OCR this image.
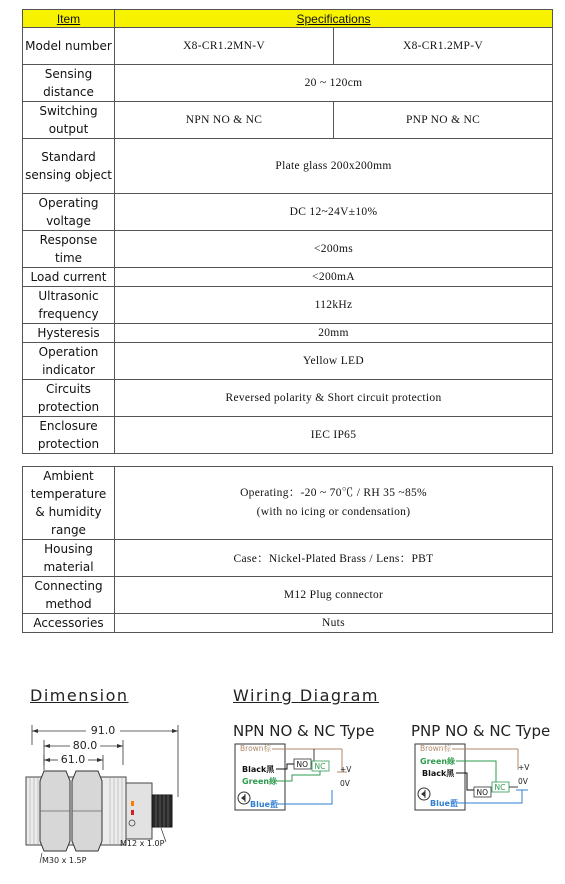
Item	Specifications	
Model number	X8-CR1.2MN-V	X8-CR1.2MP-V
Sensing distance	20 ~ 120cm	
Switching output	NPN NO & NC	PNP NO & NC
Standard sensing object	Plate glass 200x200mm	
Operating voltage	DC 12~24V±10%	
Response time	<200ms	
Load current	<200mA	
Ultrasonic frequency	112kHz	
Hysteresis	20mm	
Operation indicator	Yellow LED	
Circuits protection	Reversed polarity & Short circuit protection	
Enclosure protection	IEC IP65	
Ambient temperature & humidity range	Operating：-20 ~ 70℃ / RH 35 ~85%
(with no icing or condensation)

Housing material	Case：Nickel-Plated Brass / Lens：PBT
Connecting method	M12 Plug connector
Accessories	Nuts
Dimension	Wiring Diagram
NPN NO & NC Type PNP NO & NC Type
91.0
80.0
61.0
M30 x 1.5P
M12 x 1.0P
Brown棕
Black黑
NO
Green綠
NC +V
0V
Blue藍
Brown棕
Green綠
Black黑
NO
NC
+V
0V
Blue藍
